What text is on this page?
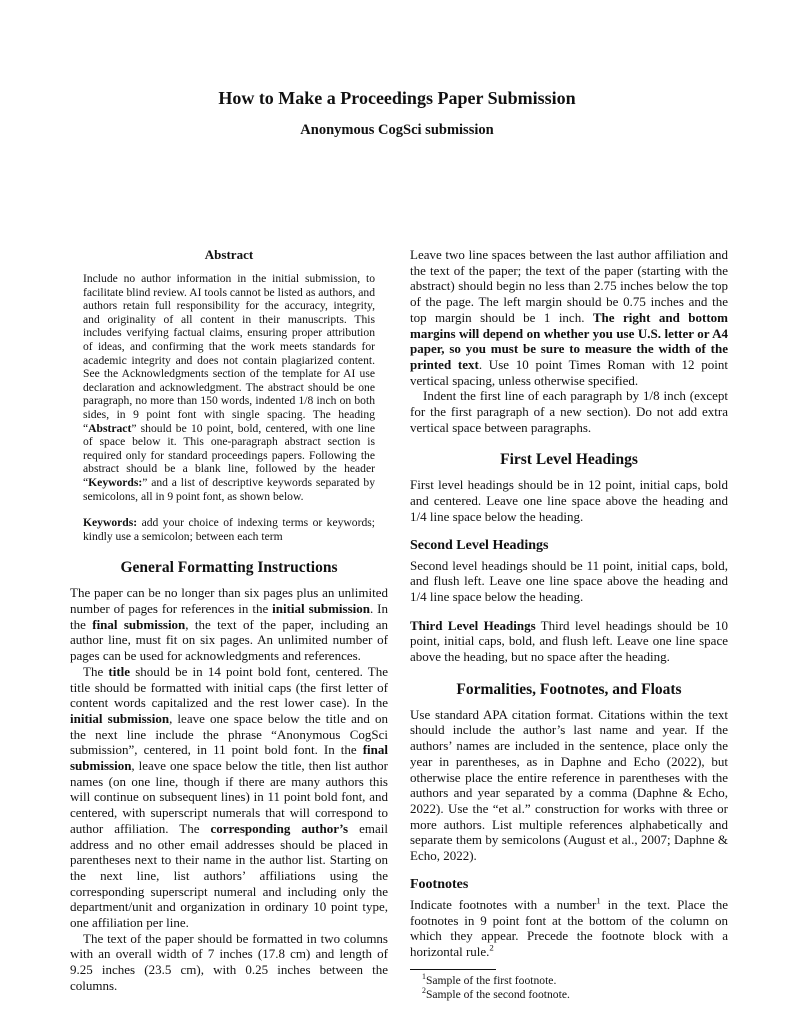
How to Make a Proceedings Paper Submission
Anonymous CogSci submission
Abstract

Include no author information in the initial submission, to facilitate blind review. AI tools cannot be listed as authors, and authors retain full responsibility for the accuracy, integrity, and originality of all content in their manuscripts. This includes verifying factual claims, ensuring proper attribution of ideas, and confirming that the work meets standards for academic integrity and does not contain plagiarized content. See the Acknowledgments section of the template for AI use declaration and acknowledgment. The abstract should be one paragraph, no more than 150 words, indented 1/8 inch on both sides, in 9 point font with single spacing. The heading “Abstract” should be 10 point, bold, centered, with one line of space below it. This one-paragraph abstract section is required only for standard proceedings papers. Following the abstract should be a blank line, followed by the header “Keywords:” and a list of descriptive keywords separated by semicolons, all in 9 point font, as shown below.

Keywords: add your choice of indexing terms or keywords; kindly use a semicolon; between each term

General Formatting Instructions

The paper can be no longer than six pages plus an unlimited number of pages for references in the initial submission. In the final submission, the text of the paper, including an author line, must fit on six pages. An unlimited number of pages can be used for acknowledgments and references.

The title should be in 14 point bold font, centered. The title should be formatted with initial caps (the first letter of content words capitalized and the rest lower case). In the initial submission, leave one space below the title and on the next line include the phrase “Anonymous CogSci submission”, centered, in 11 point bold font. In the final submission, leave one space below the title, then list author names (on one line, though if there are many authors this will continue on subsequent lines) in 11 point bold font, and centered, with superscript numerals that will correspond to author affiliation. The corresponding author’s email address and no other email addresses should be placed in parentheses next to their name in the author list. Starting on the next line, list authors’ affiliations using the corresponding superscript numeral and including only the department/unit and organization in ordinary 10 point type, one affiliation per line.

The text of the paper should be formatted in two columns with an overall width of 7 inches (17.8 cm) and length of 9.25 inches (23.5 cm), with 0.25 inches between the columns.

Leave two line spaces between the last author affiliation and the text of the paper; the text of the paper (starting with the abstract) should begin no less than 2.75 inches below the top of the page. The left margin should be 0.75 inches and the top margin should be 1 inch. The right and bottom margins will depend on whether you use U.S. letter or A4 paper, so you must be sure to measure the width of the printed text. Use 10 point Times Roman with 12 point vertical spacing, unless otherwise specified.

Indent the first line of each paragraph by 1/8 inch (except for the first paragraph of a new section). Do not add extra vertical space between paragraphs.

First Level Headings

First level headings should be in 12 point, initial caps, bold and centered. Leave one line space above the heading and 1/4 line space below the heading.

Second Level Headings

Second level headings should be 11 point, initial caps, bold, and flush left. Leave one line space above the heading and 1/4 line space below the heading.

Third Level Headings Third level headings should be 10 point, initial caps, bold, and flush left. Leave one line space above the heading, but no space after the heading.

Formalities, Footnotes, and Floats

Use standard APA citation format. Citations within the text should include the author’s last name and year. If the authors’ names are included in the sentence, place only the year in parentheses, as in Daphne and Echo (2022), but otherwise place the entire reference in parentheses with the authors and year separated by a comma (Daphne & Echo, 2022). Use the “et al.” construction for works with three or more authors. List multiple references alphabetically and separate them by semicolons (August et al., 2007; Daphne & Echo, 2022).

Footnotes

Indicate footnotes with a number$^1$ in the text. Place the footnotes in 9 point font at the bottom of the column on which they appear. Precede the footnote block with a horizontal rule.$^2$

$^1$Sample of the first footnote.

$^2$Sample of the second footnote.
